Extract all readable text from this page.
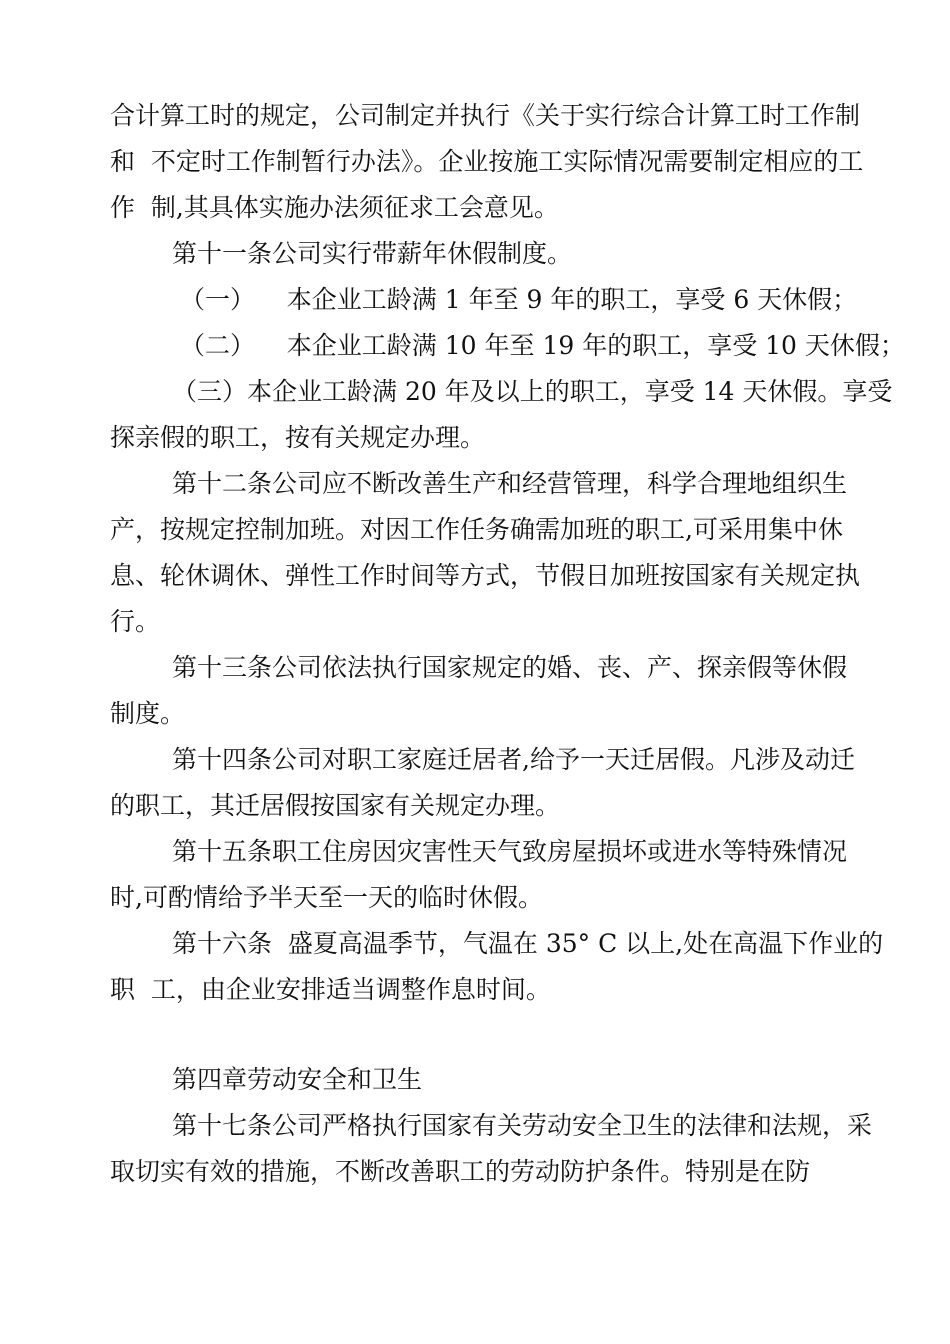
合计算工时的规定，公司制定并执行《关于实行综合计算工时工作制
和  不定时工作制暂行办法》。企业按施工实际情况需要制定相应的工
作  制,其具体实施办法须征求工会意见。
第十一条公司实行带薪年休假制度。
（一）    本企业工龄满 1 年至 9 年的职工，享受 6 天休假；
（二）    本企业工龄满 10 年至 19 年的职工，享受 10 天休假；
（三）本企业工龄满 20 年及以上的职工，享受 14 天休假。享受
探亲假的职工，按有关规定办理。
第十二条公司应不断改善生产和经营管理，科学合理地组织生
产，按规定控制加班。对因工作任务确需加班的职工,可采用集中休
息、轮休调休、弹性工作时间等方式，节假日加班按国家有关规定执
行。
第十三条公司依法执行国家规定的婚、丧、产、探亲假等休假
制度。
第十四条公司对职工家庭迁居者,给予一天迁居假。凡涉及动迁
的职工，其迁居假按国家有关规定办理。
第十五条职工住房因灾害性天气致房屋损坏或进水等特殊情况
时,可酌情给予半天至一天的临时休假。
第十六条  盛夏高温季节，气温在 35° C 以上,处在高温下作业的
职  工，由企业安排适当调整作息时间。
第四章劳动安全和卫生
第十七条公司严格执行国家有关劳动安全卫生的法律和法规，采
取切实有效的措施，不断改善职工的劳动防护条件。特别是在防
